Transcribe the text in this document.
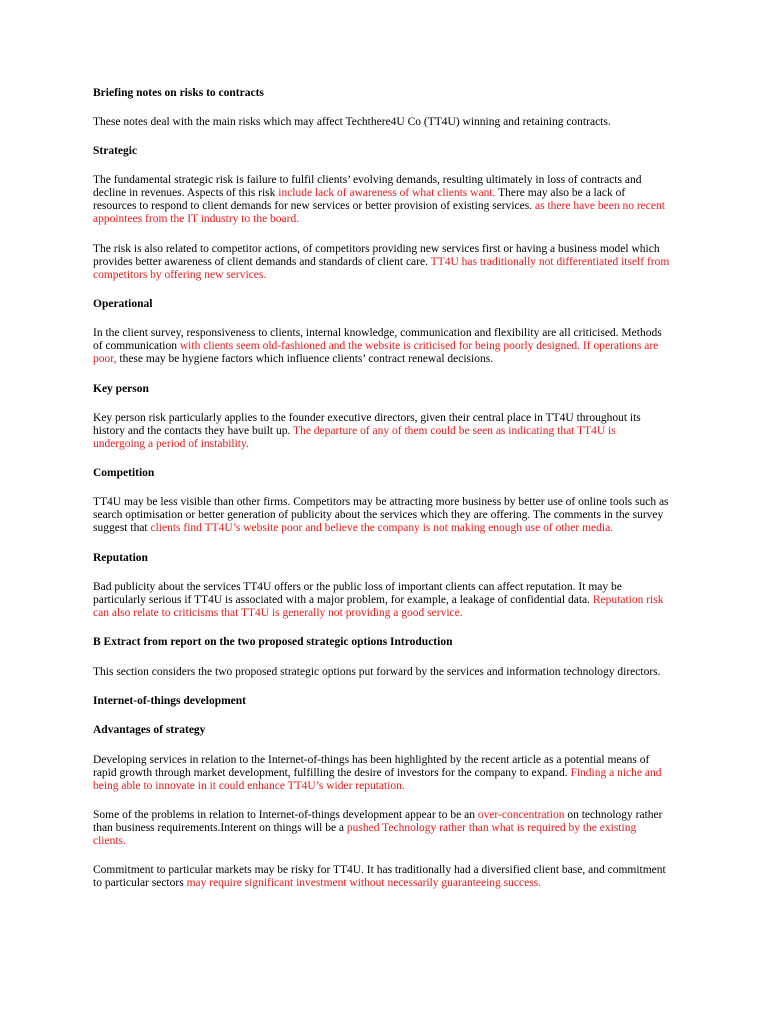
Briefing notes on risks to contracts

These notes deal with the main risks which may affect Techthere4U Co (TT4U) winning and retaining contracts.

Strategic

The fundamental strategic risk is failure to fulfil clients’ evolving demands, resulting ultimately in loss of contracts and
decline in revenues. Aspects of this risk include lack of awareness of what clients want. There may also be a lack of
resources to respond to client demands for new services or better provision of existing services. as there have been no recent
appointees from the IT industry to the board.

The risk is also related to competitor actions, of competitors providing new services first or having a business model which
provides better awareness of client demands and standards of client care. TT4U has traditionally not differentiated itself from
competitors by offering new services.

Operational

In the client survey, responsiveness to clients, internal knowledge, communication and flexibility are all criticised. Methods
of communication with clients seem old-fashioned and the website is criticised for being poorly designed. If operations are
poor, these may be hygiene factors which influence clients’ contract renewal decisions.

Key person

Key person risk particularly applies to the founder executive directors, given their central place in TT4U throughout its
history and the contacts they have built up. The departure of any of them could be seen as indicating that TT4U is
undergoing a period of instability.

Competition

TT4U may be less visible than other firms. Competitors may be attracting more business by better use of online tools such as
search optimisation or better generation of publicity about the services which they are offering. The comments in the survey
suggest that clients find TT4U’s website poor and believe the company is not making enough use of other media.

Reputation

Bad publicity about the services TT4U offers or the public loss of important clients can affect reputation. It may be
particularly serious if TT4U is associated with a major problem, for example, a leakage of confidential data. Reputation risk
can also relate to criticisms that TT4U is generally not providing a good service.

B Extract from report on the two proposed strategic options Introduction

This section considers the two proposed strategic options put forward by the services and information technology directors.

Internet-of-things development
Advantages of strategy

Developing services in relation to the Internet-of-things has been highlighted by the recent article as a potential means of
rapid growth through market development, fulfilling the desire of investors for the company to expand. Finding a niche and
being able to innovate in it could enhance TT4U’s wider reputation.

Some of the problems in relation to Internet-of-things development appear to be an over-concentration on technology rather
than business requirements.Interent on things will be a pushed Technology rather than what is required by the existing
clients.

Commitment to particular markets may be risky for TT4U. It has traditionally had a diversified client base, and commitment
to particular sectors may require significant investment without necessarily guaranteeing success.
